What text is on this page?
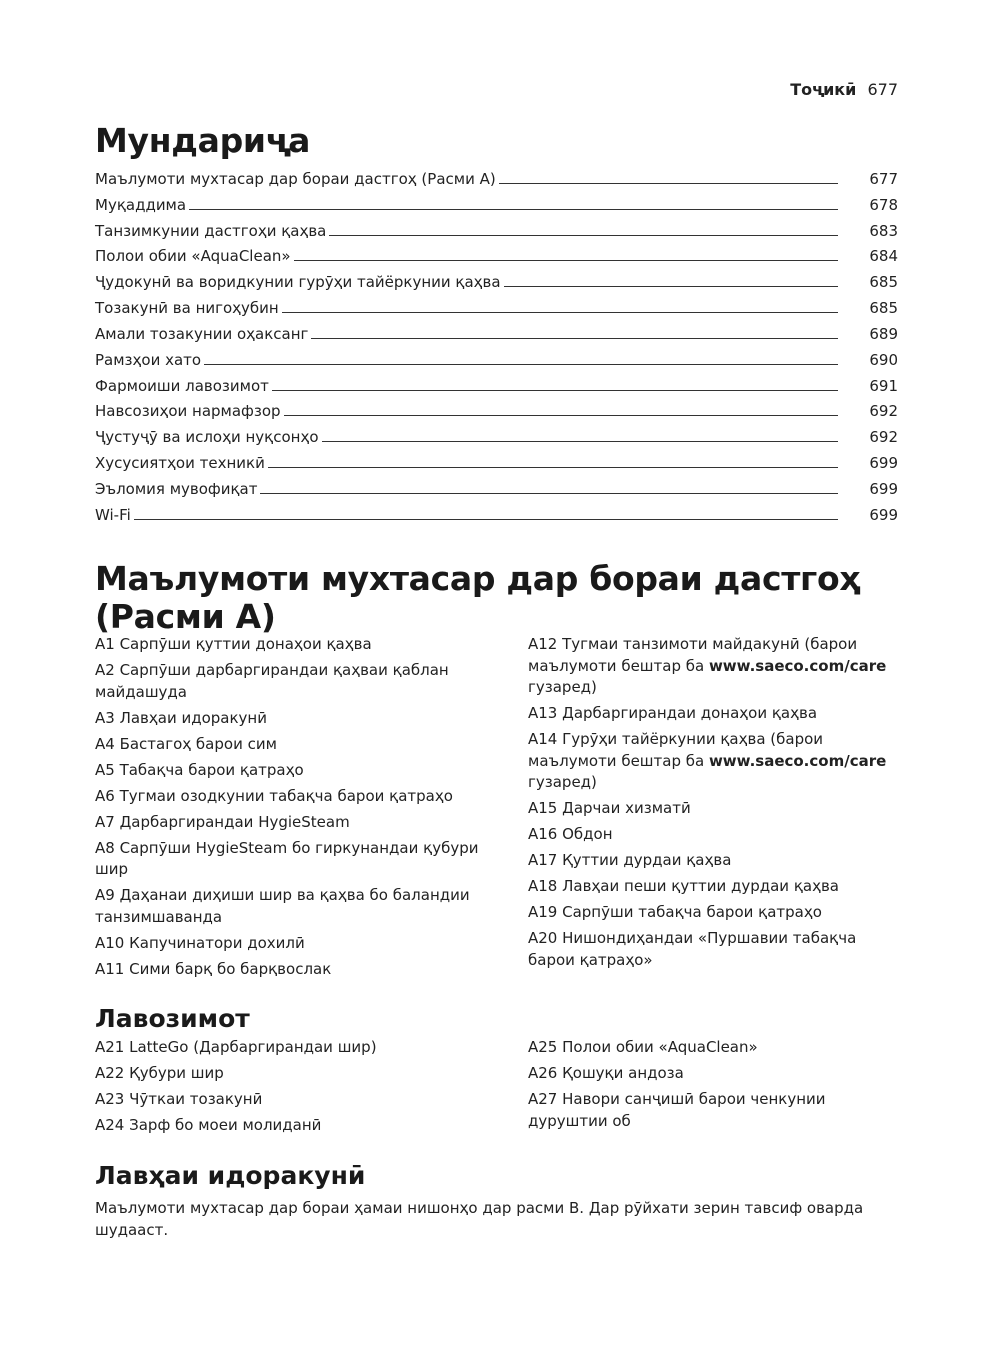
Тоҷикӣ 677
Мундариҷа
Маълумоти мухтасар дар бораи дастгоҳ (Расми A)	677
Муқаддима	678
Танзимкунии дастгоҳи қаҳва	683
Полои обии «AquaClean»	684
Ҷудокунӣ ва воридкунии гурӯҳи тайёркунии қаҳва	685
Тозакунӣ ва нигоҳубин	685
Амали тозакунии оҳаксанг	689
Рамзҳои хато	690
Фармоиши лавозимот	691
Навсозиҳои нармафзор	692
Ҷустуҷӯ ва ислоҳи нуқсонҳо	692
Хусусиятҳои техникӣ	699
Эъломия мувофиқат	699
Wi-Fi	699
Маълумоти мухтасар дар бораи дастгоҳ (Расми A)
A1 Сарпӯши қуттии донаҳои қаҳва
A2 Сарпӯши дарбаргирандаи қаҳваи қаблан майдашуда
A3 Лавҳаи идоракунӣ
A4 Бастагоҳ барои сим
A5 Табақча барои қатраҳо
A6 Тугмаи озодкунии табақча барои қатраҳо
A7 Дарбаргирандаи HygieSteam
A8 Сарпӯши HygieSteam бо гиркунандаи қубури шир
A9 Даҳанаи диҳиши шир ва қаҳва бо баландии танзимшаванда
A10 Капучинатори дохилӣ
A11 Сими барқ бо барқвослак
A12 Тугмаи танзимоти майдакунӣ (барои маълумоти бештар ба www.saeco.com/care гузаред)
A13 Дарбаргирандаи донаҳои қаҳва
A14 Гурӯҳи тайёркунии қаҳва (барои маълумоти бештар ба www.saeco.com/care гузаред)
A15 Дарчаи хизматӣ
A16 Обдон
A17 Қуттии дурдаи қаҳва
A18 Лавҳаи пеши қуттии дурдаи қаҳва
A19 Сарпӯши табақча барои қатраҳо
A20 Нишондиҳандаи «Пуршавии табақча барои қатраҳо»
Лавозимот
A21 LatteGo (Дарбаргирандаи шир)
A22 Қубури шир
A23 Чӯткаи тозакунӣ
A24 Зарф бо моеи молиданӣ
A25 Полои обии «AquaClean»
A26 Қошуқи андоза
A27 Навори санҷишӣ барои ченкунии дуруштии об
Лавҳаи идоракунӣ
Маълумоти мухтасар дар бораи ҳамаи нишонҳо дар расми B. Дар рӯйхати зерин тавсиф оварда шудааст.
